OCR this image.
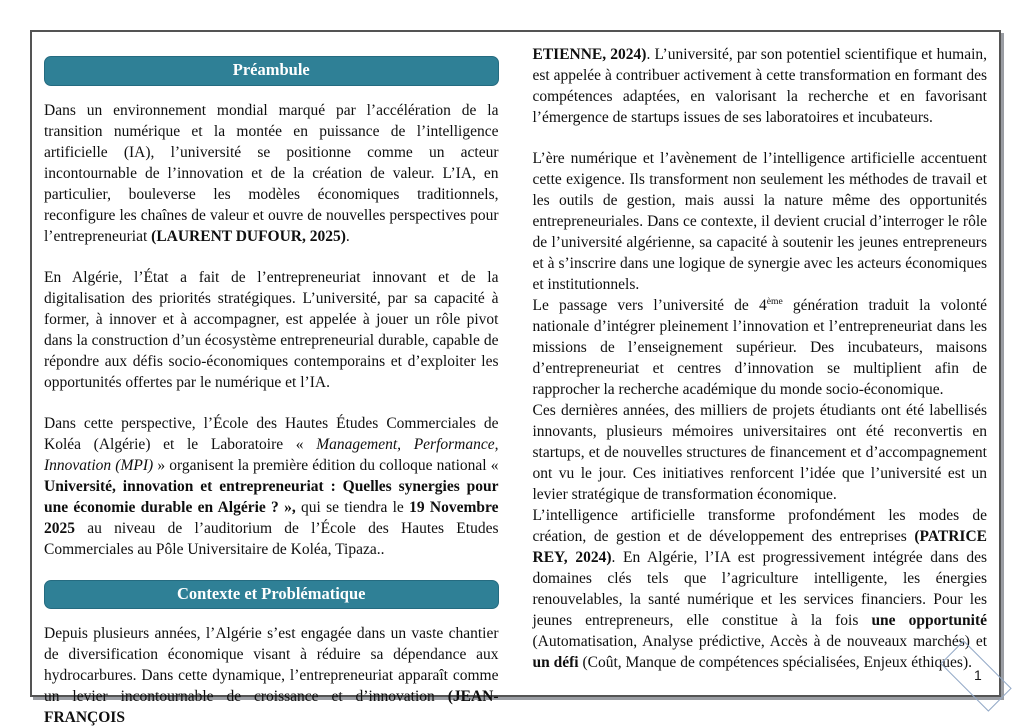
Préambule

Dans un environnement mondial marqué par l’accélération de la transition numérique et la montée en puissance de l’intelligence artificielle (IA), l’université se positionne comme un acteur incontournable de l’innovation et de la création de valeur. L’IA, en particulier, bouleverse les modèles économiques traditionnels, reconfigure les chaînes de valeur et ouvre de nouvelles perspectives pour l’entrepreneuriat (LAURENT DUFOUR, 2025).

En Algérie, l’État a fait de l’entrepreneuriat innovant et de la digitalisation des priorités stratégiques. L’université, par sa capacité à former, à innover et à accompagner, est appelée à jouer un rôle pivot dans la construction d’un écosystème entrepreneurial durable, capable de répondre aux défis socio-économiques contemporains et d’exploiter les opportunités offertes par le numérique et l’IA.

Dans cette perspective, l’École des Hautes Études Commerciales de Koléa (Algérie) et le Laboratoire « Management, Performance, Innovation (MPI) » organisent la première édition du colloque national « Université, innovation et entrepreneuriat : Quelles synergies pour une économie durable en Algérie ? », qui se tiendra le 19 Novembre 2025 au niveau de l’auditorium de l’École des Hautes Etudes Commerciales au Pôle Universitaire de Koléa, Tipaza..

Contexte et Problématique

Depuis plusieurs années, l’Algérie s’est engagée dans un vaste chantier de diversification économique visant à réduire sa dépendance aux hydrocarbures. Dans cette dynamique, l’entrepreneuriat apparaît comme un levier incontournable de croissance et d’innovation (JEAN-FRANÇOIS

ETIENNE, 2024). L’université, par son potentiel scientifique et humain, est appelée à contribuer activement à cette transformation en formant des compétences adaptées, en valorisant la recherche et en favorisant l’émergence de startups issues de ses laboratoires et incubateurs.

L’ère numérique et l’avènement de l’intelligence artificielle accentuent cette exigence. Ils transforment non seulement les méthodes de travail et les outils de gestion, mais aussi la nature même des opportunités entrepreneuriales. Dans ce contexte, il devient crucial d’interroger le rôle de l’université algérienne, sa capacité à soutenir les jeunes entrepreneurs et à s’inscrire dans une logique de synergie avec les acteurs économiques et institutionnels.

Le passage vers l’université de 4ème génération traduit la volonté nationale d’intégrer pleinement l’innovation et l’entrepreneuriat dans les missions de l’enseignement supérieur. Des incubateurs, maisons d’entrepreneuriat et centres d’innovation se multiplient afin de rapprocher la recherche académique du monde socio-économique.

Ces dernières années, des milliers de projets étudiants ont été labellisés innovants, plusieurs mémoires universitaires ont été reconvertis en startups, et de nouvelles structures de financement et d’accompagnement ont vu le jour. Ces initiatives renforcent l’idée que l’université est un levier stratégique de transformation économique.

L’intelligence artificielle transforme profondément les modes de création, de gestion et de développement des entreprises (PATRICE REY, 2024). En Algérie, l’IA est progressivement intégrée dans des domaines clés tels que l’agriculture intelligente, les énergies renouvelables, la santé numérique et les services financiers. Pour les jeunes entrepreneurs, elle constitue à la fois une opportunité (Automatisation, Analyse prédictive, Accès à de nouveaux marchés) et un défi (Coût, Manque de compétences spécialisées, Enjeux éthiques).

1
